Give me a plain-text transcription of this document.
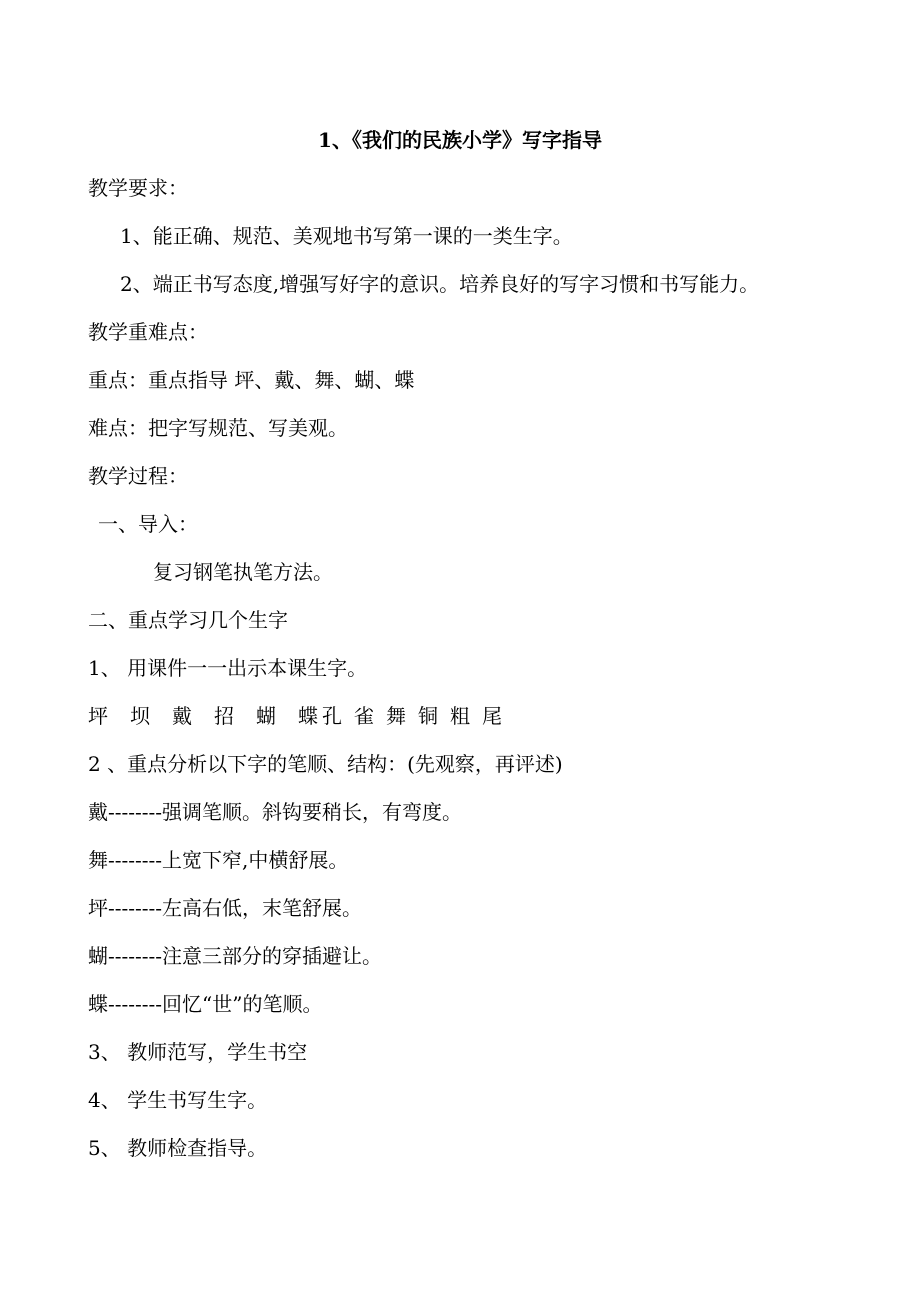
1、《我们的民族小学》写字指导
教学要求：
1、能正确、规范、美观地书写第一课的一类生字。
2、端正书写态度,增强写好字的意识。培养良好的写字习惯和书写能力。
教学重难点：
重点：重点指导 坪、戴、舞、蝴、蝶
难点：把字写规范、写美观。
教学过程：
一、导入：
复习钢笔执笔方法。
二、重点学习几个生字
1、 用课件一一出示本课生字。
坪 坝 戴 招 蝴 蝶 孔 雀 舞 铜 粗 尾
2 、重点分析以下字的笔顺、结构：(先观察，再评述)
戴--------强调笔顺。斜钩要稍长，有弯度。
舞--------上宽下窄,中横舒展。
坪--------左高右低，末笔舒展。
蝴--------注意三部分的穿插避让。
蝶--------回忆“世”的笔顺。
3、 教师范写，学生书空
4、 学生书写生字。
5、 教师检查指导。
